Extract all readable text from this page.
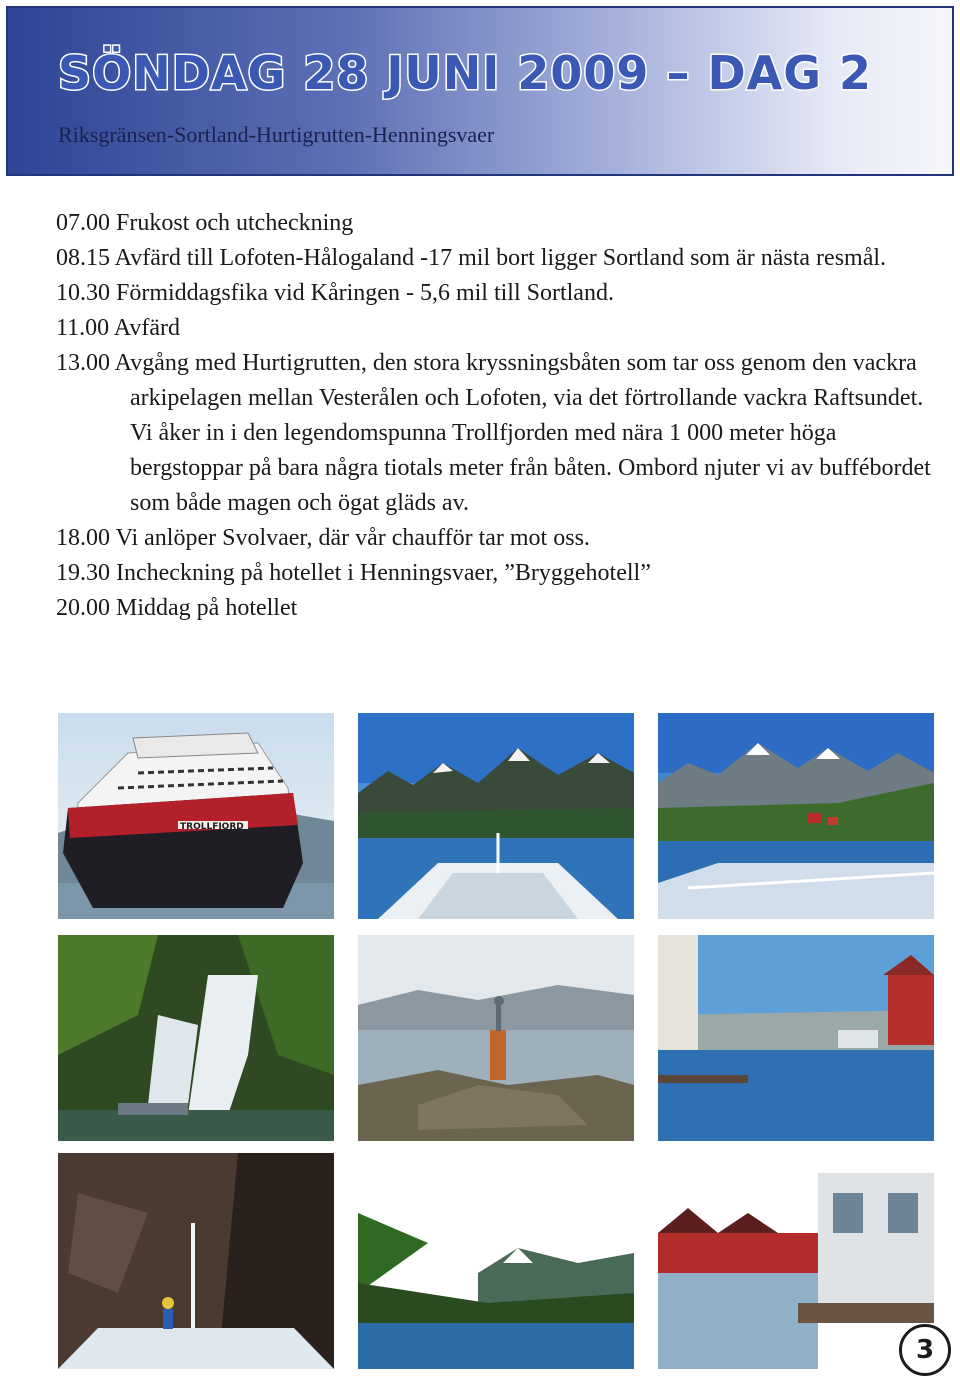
SÖNDAG 28 JUNI 2009 – DAG 2
Riksgränsen-Sortland-Hurtigrutten-Henningsvaer
07.00 Frukost och utcheckning
08.15 Avfärd till Lofoten-Hålogaland -17 mil bort ligger Sortland som är nästa resmål.
10.30 Förmiddagsfika vid Kåringen - 5,6 mil till Sortland.
11.00 Avfärd
13.00 Avgång med Hurtigrutten, den stora kryssningsbåten som tar oss genom den vackra arkipelagen mellan Vesterålen och Lofoten, via det förtrollande vackra Raftsundet. Vi åker in i den legendomspunna Trollfjorden med nära 1 000 meter höga bergstoppar på bara några tiotals meter från båten. Ombord njuter vi av buffébordet som både magen och ögat gläds av.
18.00 Vi anlöper Svolvaer, där vår chaufför tar mot oss.
19.30 Incheckning på hotellet i Henningsvaer, ”Bryggehotell”
20.00 Middag på hotellet
TROLLFJORD
3
